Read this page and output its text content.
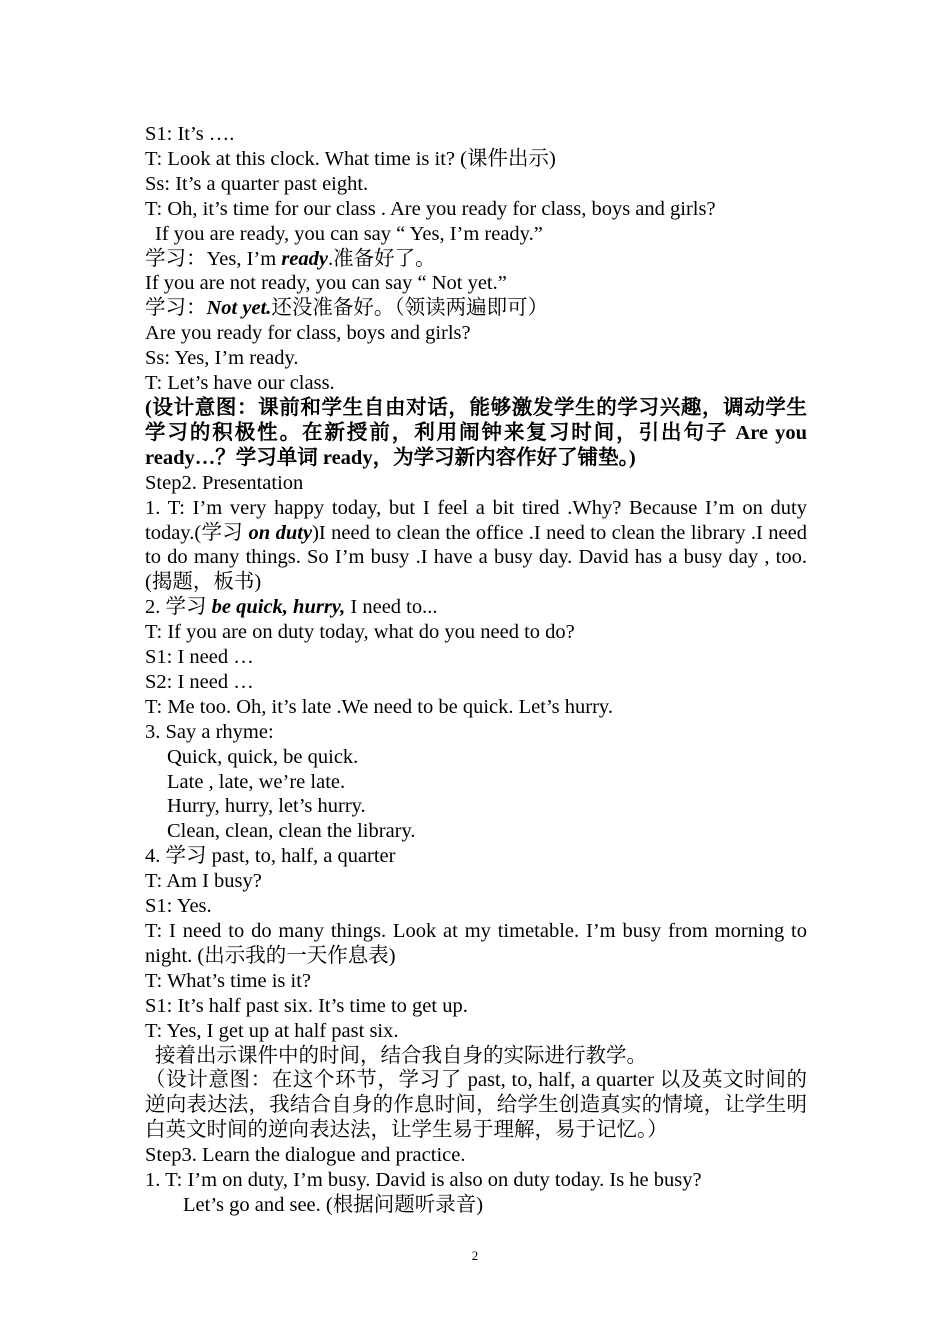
S1: It’s ….
T: Look at this clock. What time is it? (课件出示)
Ss: It’s a quarter past eight.
T: Oh, it’s time for our class . Are you ready for class, boys and girls?
If you are ready, you can say “ Yes, I’m ready.”
学习：Yes, I’m ready.准备好了。
If you are not ready, you can say “ Not yet.”
学习：Not yet.还没准备好。（领读两遍即可）
Are you ready for class, boys and girls?
Ss: Yes, I’m ready.
T: Let’s have our class.
(设计意图：课前和学生自由对话，能够激发学生的学习兴趣，调动学生学习的积极性。在新授前，利用闹钟来复习时间，引出句子 Are you ready…？学习单词 ready，为学习新内容作好了铺垫。)
Step2. Presentation
1. T: I’m very happy today, but I feel a bit tired .Why? Because I’m on duty today.(学习 on duty)I need to clean the office .I need to clean the library .I need to do many things. So I’m busy .I have a busy day. David has a busy day , too. (揭题，板书)
2. 学习 be quick, hurry, I need to...
T: If you are on duty today, what do you need to do?
S1: I need …
S2: I need …
T: Me too. Oh, it’s late .We need to be quick. Let’s hurry.
3. Say a rhyme:
Quick, quick, be quick.
Late , late, we’re late.
Hurry, hurry, let’s hurry.
Clean, clean, clean the library.
4. 学习 past, to, half, a quarter
T: Am I busy?
S1: Yes.
T: I need to do many things. Look at my timetable. I’m busy from morning to night. (出示我的一天作息表)
T: What’s time is it?
S1: It’s half past six. It’s time to get up.
T: Yes, I get up at half past six.
接着出示课件中的时间，结合我自身的实际进行教学。
（设计意图：在这个环节，学习了 past, to, half, a quarter 以及英文时间的逆向表达法，我结合自身的作息时间，给学生创造真实的情境，让学生明白英文时间的逆向表达法，让学生易于理解，易于记忆。）
Step3. Learn the dialogue and practice.
1. T: I’m on duty, I’m busy. David is also on duty today. Is he busy?
Let’s go and see. (根据问题听录音)
2
